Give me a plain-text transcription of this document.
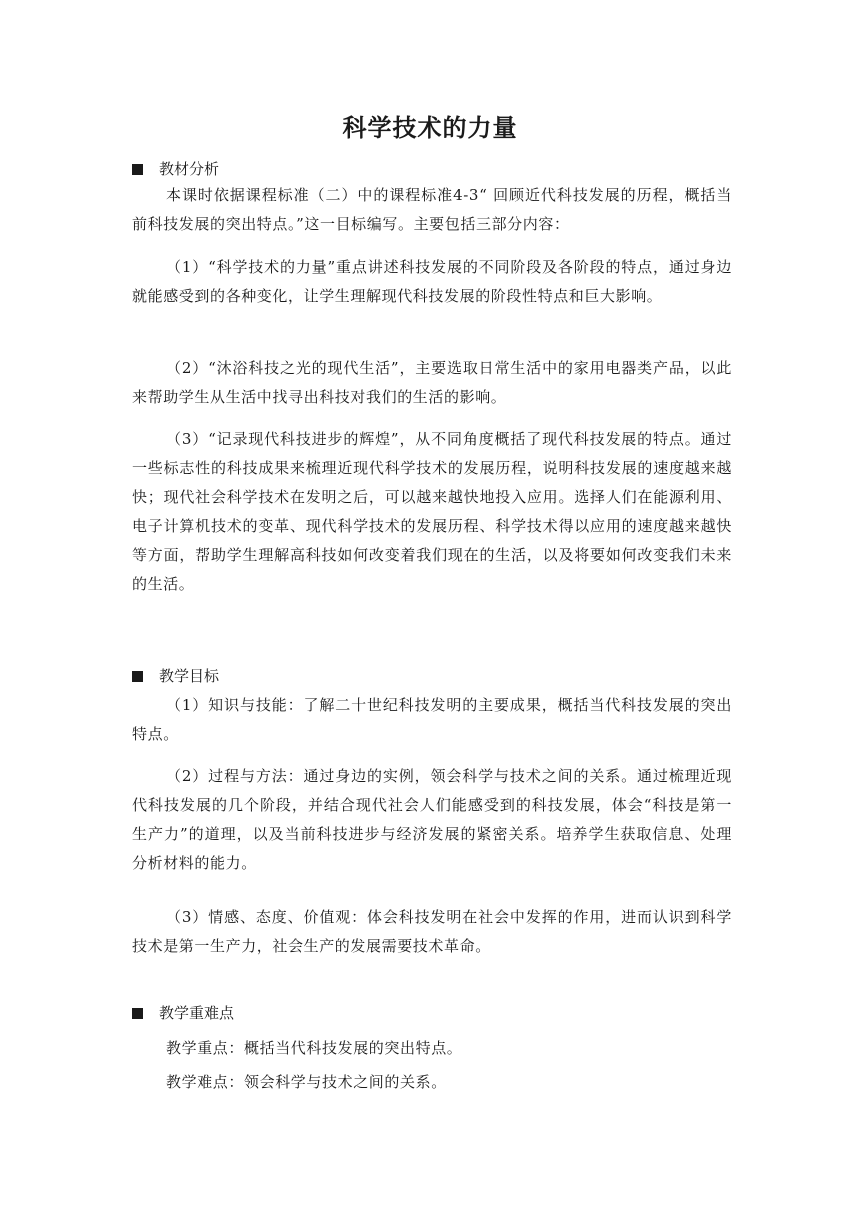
科学技术的力量
教材分析

本课时依据课程标准（二）中的课程标准4-3“ 回顾近代科技发展的历程，概括当前科技发展的突出特点。”这一目标编写。主要包括三部分内容：

（1）“科学技术的力量”重点讲述科技发展的不同阶段及各阶段的特点，通过身边就能感受到的各种变化，让学生理解现代科技发展的阶段性特点和巨大影响。

（2）“沐浴科技之光的现代生活”，主要选取日常生活中的家用电器类产品，以此来帮助学生从生活中找寻出科技对我们的生活的影响。

（3）“记录现代科技进步的辉煌”，从不同角度概括了现代科技发展的特点。通过一些标志性的科技成果来梳理近现代科学技术的发展历程，说明科技发展的速度越来越快；现代社会科学技术在发明之后，可以越来越快地投入应用。选择人们在能源利用、电子计算机技术的变革、现代科学技术的发展历程、科学技术得以应用的速度越来越快等方面，帮助学生理解高科技如何改变着我们现在的生活，以及将要如何改变我们未来的生活。

教学目标

（1）知识与技能：了解二十世纪科技发明的主要成果，概括当代科技发展的突出特点。

（2）过程与方法：通过身边的实例，领会科学与技术之间的关系。通过梳理近现代科技发展的几个阶段，并结合现代社会人们能感受到的科技发展，体会“科技是第一生产力”的道理，以及当前科技进步与经济发展的紧密关系。培养学生获取信息、处理分析材料的能力。

（3）情感、态度、价值观：体会科技发明在社会中发挥的作用，进而认识到科学技术是第一生产力，社会生产的发展需要技术革命。

教学重难点
教学重点：概括当代科技发展的突出特点。
教学难点：领会科学与技术之间的关系。
